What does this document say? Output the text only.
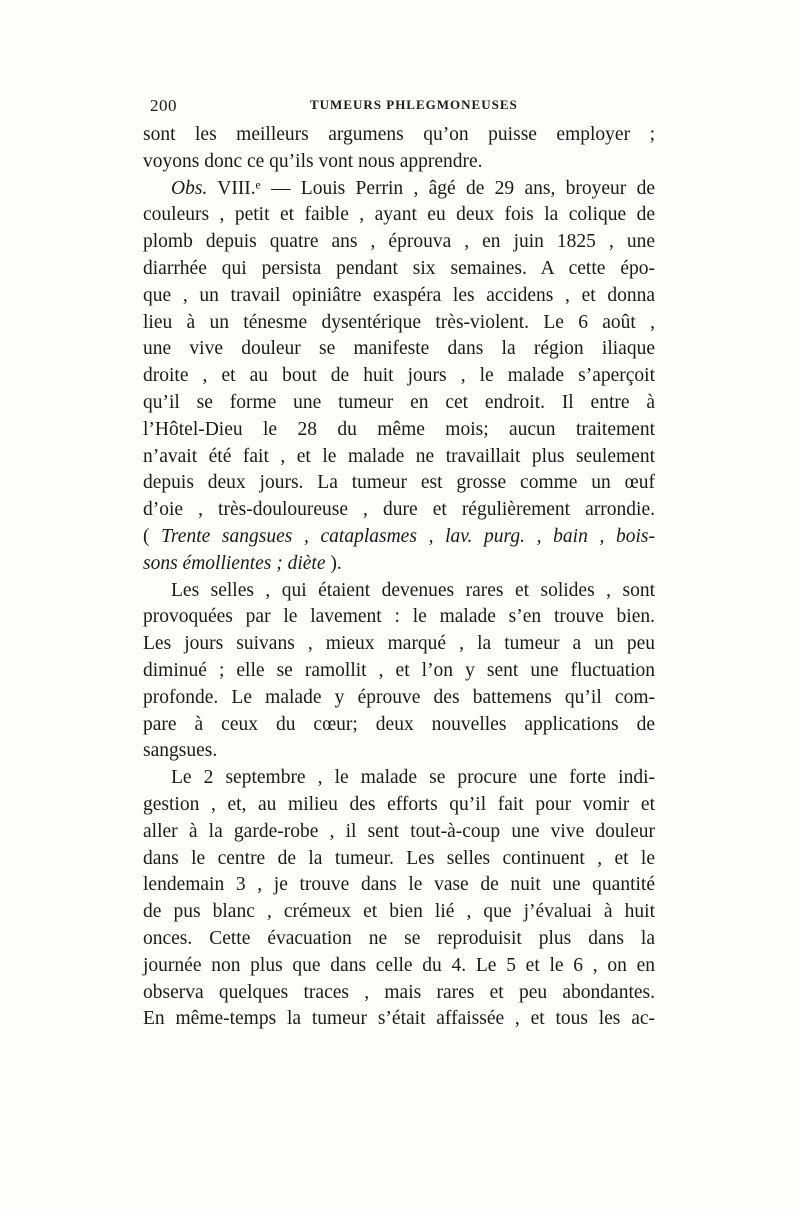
200	TUMEURS PHLEGMONEUSES
sont les meilleurs argumens qu’on puisse employer ;
voyons donc ce qu’ils vont nous apprendre.
Obs. VIII.ᵉ — Louis Perrin , âgé de 29 ans, broyeur de
couleurs , petit et faible , ayant eu deux fois la colique de
plomb depuis quatre ans , éprouva , en juin 1825 , une
diarrhée qui persista pendant six semaines. A cette épo-
que , un travail opiniâtre exaspéra les accidens , et donna
lieu à un ténesme dysentérique très-violent. Le 6 août ,
une vive douleur se manifeste dans la région iliaque
droite , et au bout de huit jours , le malade s’aperçoit
qu’il se forme une tumeur en cet endroit. Il entre à
l’Hôtel-Dieu le 28 du même mois; aucun traitement
n’avait été fait , et le malade ne travaillait plus seulement
depuis deux jours. La tumeur est grosse comme un œuf
d’oie , très-douloureuse , dure et régulièrement arrondie.
( Trente sangsues , cataplasmes , lav. purg. , bain , bois-
sons émollientes ; diète ).
Les selles , qui étaient devenues rares et solides , sont
provoquées par le lavement : le malade s’en trouve bien.
Les jours suivans , mieux marqué , la tumeur a un peu
diminué ; elle se ramollit , et l’on y sent une fluctuation
profonde. Le malade y éprouve des battemens qu’il com-
pare à ceux du cœur; deux nouvelles applications de
sangsues.
Le 2 septembre , le malade se procure une forte indi-
gestion , et, au milieu des efforts qu’il fait pour vomir et
aller à la garde-robe , il sent tout-à-coup une vive douleur
dans le centre de la tumeur. Les selles continuent , et le
lendemain 3 , je trouve dans le vase de nuit une quantité
de pus blanc , crémeux et bien lié , que j’évaluai à huit
onces. Cette évacuation ne se reproduisit plus dans la
journée non plus que dans celle du 4. Le 5 et le 6 , on en
observa quelques traces , mais rares et peu abondantes.
En même-temps la tumeur s’était affaissée , et tous les ac-
